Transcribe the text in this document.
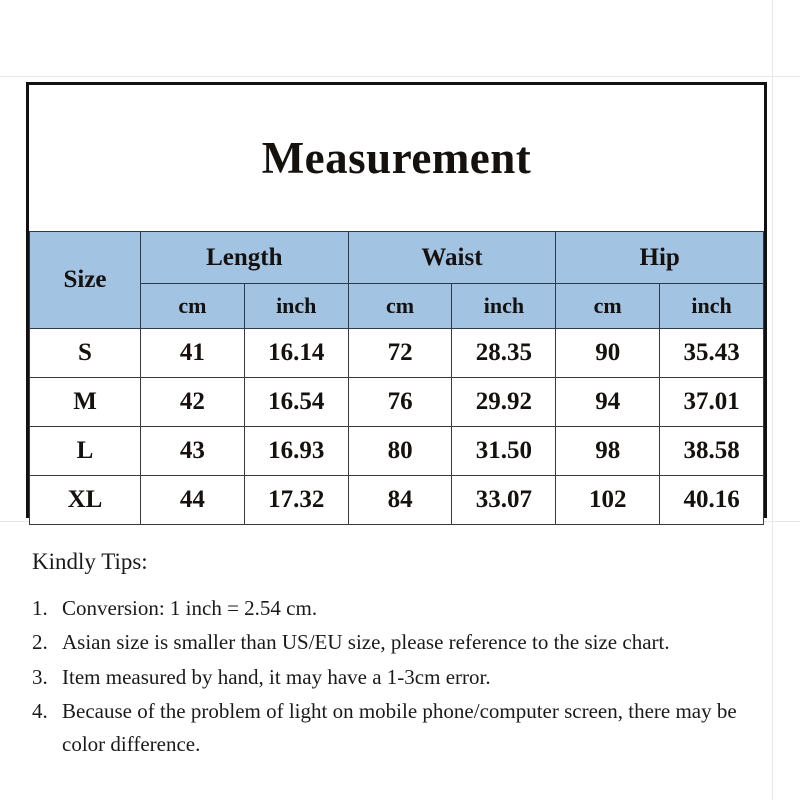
Measurement
Size	Length		Waist		Hip	
	cm	inch	cm	inch	cm	inch
S	41	16.14	72	28.35	90	35.43
M	42	16.54	76	29.92	94	37.01
L	43	16.93	80	31.50	98	38.58
XL	44	17.32	84	33.07	102	40.16
Kindly Tips:
1. Conversion: 1 inch = 2.54 cm.
2. Asian size is smaller than US/EU size, please reference to the size chart.
3. Item measured by hand, it may have a 1-3cm error.
4. Because of the problem of light on mobile phone/computer screen, there may be color difference.
